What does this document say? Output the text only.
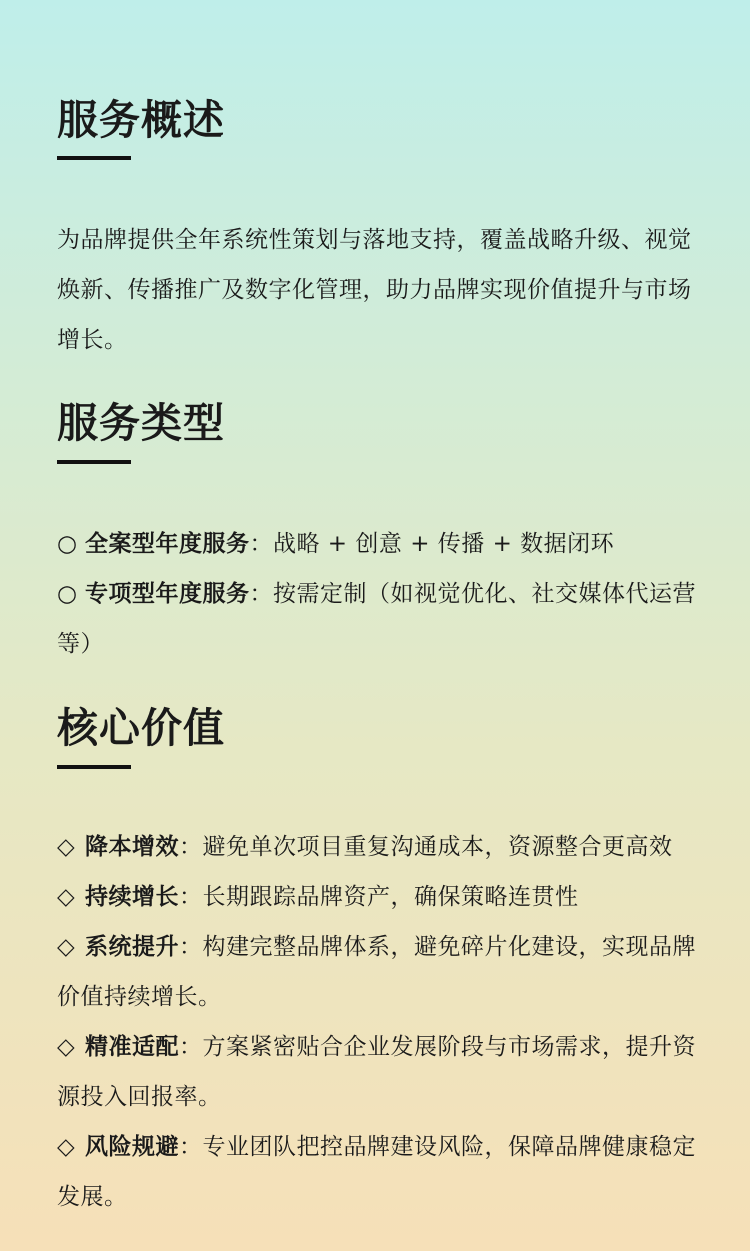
服务概述

为品牌提供全年系统性策划与落地支持，覆盖战略升级、视觉焕新、传播推广及数字化管理，助力品牌实现价值提升与市场增长。

服务类型
○ 全案型年度服务：战略 + 创意 + 传播 + 数据闭环
○ 专项型年度服务：按需定制（如视觉优化、社交媒体代运营等）
核心价值
◇ 降本增效：避免单次项目重复沟通成本，资源整合更高效
◇ 持续增长：长期跟踪品牌资产，确保策略连贯性
◇ 系统提升：构建完整品牌体系，避免碎片化建设，实现品牌价值持续增长。
◇ 精准适配：方案紧密贴合企业发展阶段与市场需求，提升资源投入回报率。
◇ 风险规避：专业团队把控品牌建设风险，保障品牌健康稳定发展。
